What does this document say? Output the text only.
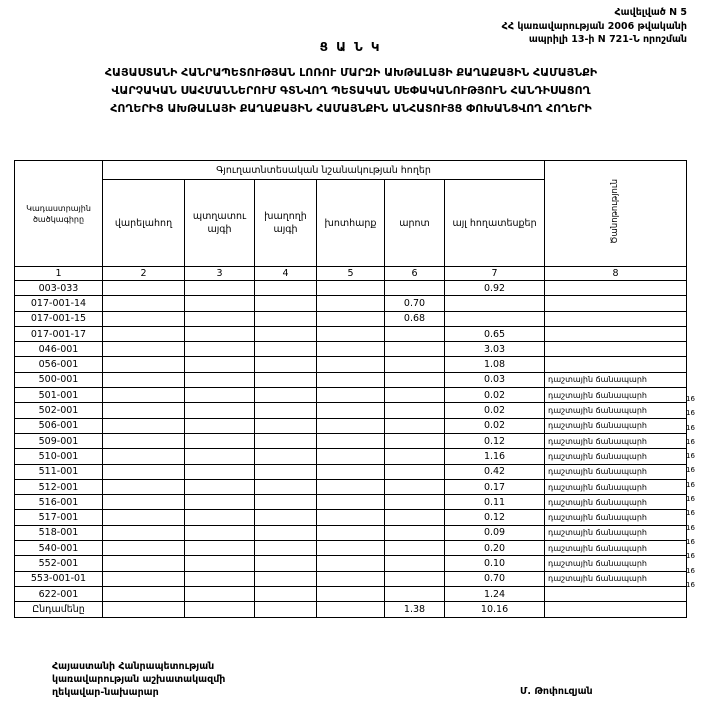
Հավելված N 5
ՀՀ կառավարության 2006 թվականի
ապրիլի 13-ի N 721-Ն որոշման
Ց Ա Ն Կ
ՀԱՅԱՍՏԱՆԻ ՀԱՆՐԱՊԵՏՈՒԹՅԱՆ ԼՈՌՈՒ ՄԱՐԶԻ ԱԽԹԱԼԱՅԻ ՔԱՂԱՔԱՅԻՆ ՀԱՄԱՅՆՔԻ
ՎԱՐՉԱԿԱՆ ՍԱՀՄԱՆՆԵՐՈՒՄ ԳՏՆՎՈՂ ՊԵՏԱԿԱՆ ՍԵՓԱԿԱՆՈՒԹՅՈՒՆ ՀԱՆԴԻՍԱՑՈՂ
ՀՈՂԵՐԻՑ ԱԽԹԱԼԱՅԻ ՔԱՂԱՔԱՅԻՆ ՀԱՄԱՅՆՔԻՆ ԱՆՀԱՏՈՒՅՑ ՓՈԽԱՆՑՎՈՂ ՀՈՂԵՐԻ
Կադաստրային ծածկագիրը	Գյուղատնտեսական նշանակության հողեր						Ծանոթություն
	վարելահող	պտղատու այգի	խաղողի այգի	խոտհարք	արոտ	այլ հողատեսքեր	
1	2	3	4	5	6	7	8
003-033						0.92	
017-001-14					0.70		
017-001-15					0.68		
017-001-17						0.65	
046-001						3.03	
056-001						1.08	
500-001						0.03	դաշտային ճանապարհ
501-001						0.02	դաշտային ճանապարհ
502-001						0.02	դաշտային ճանապարհ
506-001						0.02	դաշտային ճանապարհ
509-001						0.12	դաշտային ճանապարհ
510-001						1.16	դաշտային ճանապարհ
511-001						0.42	դաշտային ճանապարհ
512-001						0.17	դաշտային ճանապարհ
516-001						0.11	դաշտային ճանապարհ
517-001						0.12	դաշտային ճանապարհ
518-001						0.09	դաշտային ճանապարհ
540-001						0.20	դաշտային ճանապարհ
552-001						0.10	դաշտային ճանապարհ
553-001-01						0.70	դաշտային ճանապարհ
622-001						1.24	
Ընդամենը					1.38	10.16	
16
16
16
16
16
16
16
16
16
16
16
16
16
16
Հայաստանի Հանրապետության
կառավարության աշխատակազմի
ղեկավար-նախարար	Մ. Թոփուզյան
